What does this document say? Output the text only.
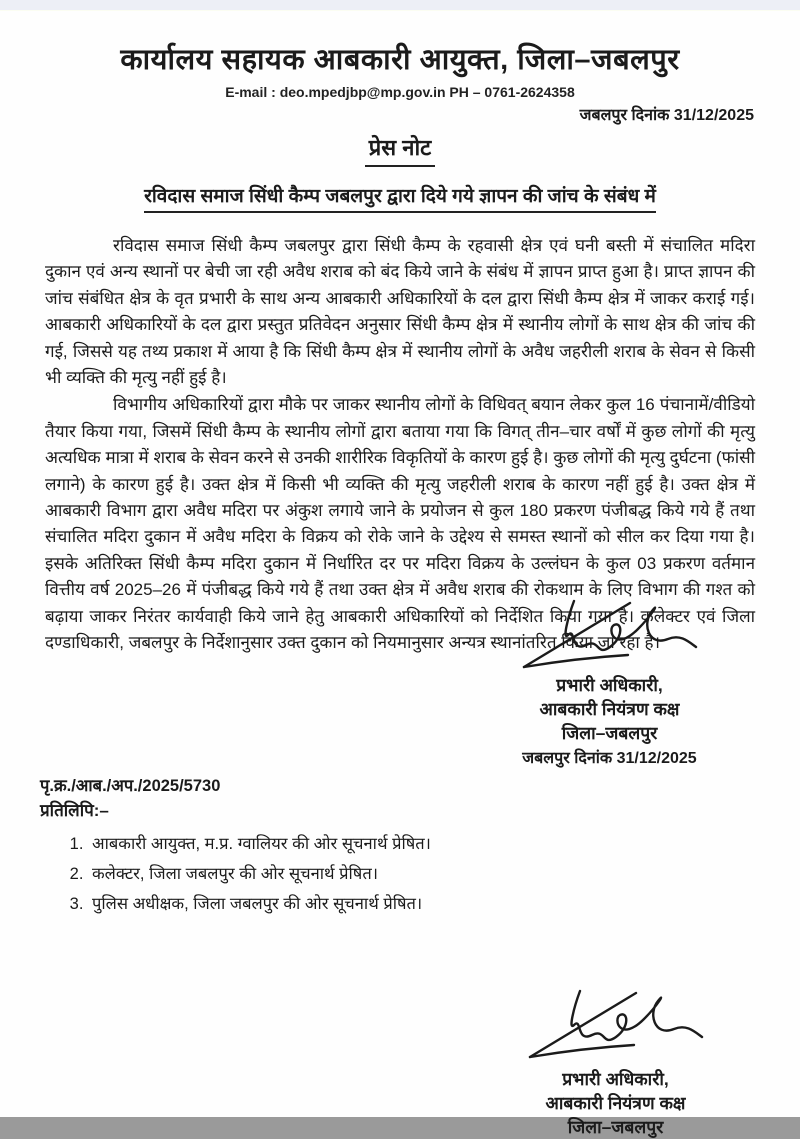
कार्यालय सहायक आबकारी आयुक्त, जिला–जबलपुर
E-mail : deo.mpedjbp@mp.gov.in PH – 0761-2624358
जबलपुर दिनांक 31/12/2025
प्रेस नोट
रविदास समाज सिंधी कैम्प जबलपुर द्वारा दिये गये ज्ञापन की जांच के संबंध में

रविदास समाज सिंधी कैम्प जबलपुर द्वारा सिंधी कैम्प के रहवासी क्षेत्र एवं घनी बस्ती में संचालित मदिरा दुकान एवं अन्य स्थानों पर बेची जा रही अवैध शराब को बंद किये जाने के संबंध में ज्ञापन प्राप्त हुआ है। प्राप्त ज्ञापन की जांच संबंधित क्षेत्र के वृत प्रभारी के साथ अन्य आबकारी अधिकारियों के दल द्वारा सिंधी कैम्प क्षेत्र में जाकर कराई गई। आबकारी अधिकारियों के दल द्वारा प्रस्तुत प्रतिवेदन अनुसार सिंधी कैम्प क्षेत्र में स्थानीय लोगों के साथ क्षेत्र की जांच की गई, जिससे यह तथ्य प्रकाश में आया है कि सिंधी कैम्प क्षेत्र में स्थानीय लोगों के अवैध जहरीली शराब के सेवन से किसी भी व्यक्ति की मृत्यु नहीं हुई है।

विभागीय अधिकारियों द्वारा मौके पर जाकर स्थानीय लोगों के विधिवत् बयान लेकर कुल 16 पंचानामें/वीडियो तैयार किया गया, जिसमें सिंधी कैम्प के स्थानीय लोगों द्वारा बताया गया कि विगत् तीन–चार वर्षों में कुछ लोगों की मृत्यु अत्यधिक मात्रा में शराब के सेवन करने से उनकी शारीरिक विकृतियों के कारण हुई है। कुछ लोगों की मृत्यु दुर्घटना (फांसी लगाने) के कारण हुई है। उक्त क्षेत्र में किसी भी व्यक्ति की मृत्यु जहरीली शराब के कारण नहीं हुई है। उक्त क्षेत्र में आबकारी विभाग द्वारा अवैध मदिरा पर अंकुश लगाये जाने के प्रयोजन से कुल 180 प्रकरण पंजीबद्ध किये गये हैं तथा संचालित मदिरा दुकान में अवैध मदिरा के विक्रय को रोके जाने के उद्देश्य से समस्त स्थानों को सील कर दिया गया है। इसके अतिरिक्त सिंधी कैम्प मदिरा दुकान में निर्धारित दर पर मदिरा विक्रय के उल्लंघन के कुल 03 प्रकरण वर्तमान वित्तीय वर्ष 2025–26 में पंजीबद्ध किये गये हैं तथा उक्त क्षेत्र में अवैध शराब की रोकथाम के लिए विभाग की गश्त को बढ़ाया जाकर निरंतर कार्यवाही किये जाने हेतु आबकारी अधिकारियों को निर्देशित किया गया है। कलेक्टर एवं जिला दण्डाधिकारी, जबलपुर के निर्देशानुसार उक्त दुकान को नियमानुसार अन्यत्र स्थानांतरित किया जा रहा है।

प्रभारी अधिकारी,
आबकारी नियंत्रण कक्ष
जिला–जबलपुर
जबलपुर दिनांक 31/12/2025
पृ.क्र./आब./अप./2025/5730
प्रतिलिपि:–
1. आबकारी आयुक्त, म.प्र. ग्वालियर की ओर सूचनार्थ प्रेषित।
2. कलेक्टर, जिला जबलपुर की ओर सूचनार्थ प्रेषित।
3. पुलिस अधीक्षक, जिला जबलपुर की ओर सूचनार्थ प्रेषित।
प्रभारी अधिकारी,
आबकारी नियंत्रण कक्ष
जिला–जबलपुर
